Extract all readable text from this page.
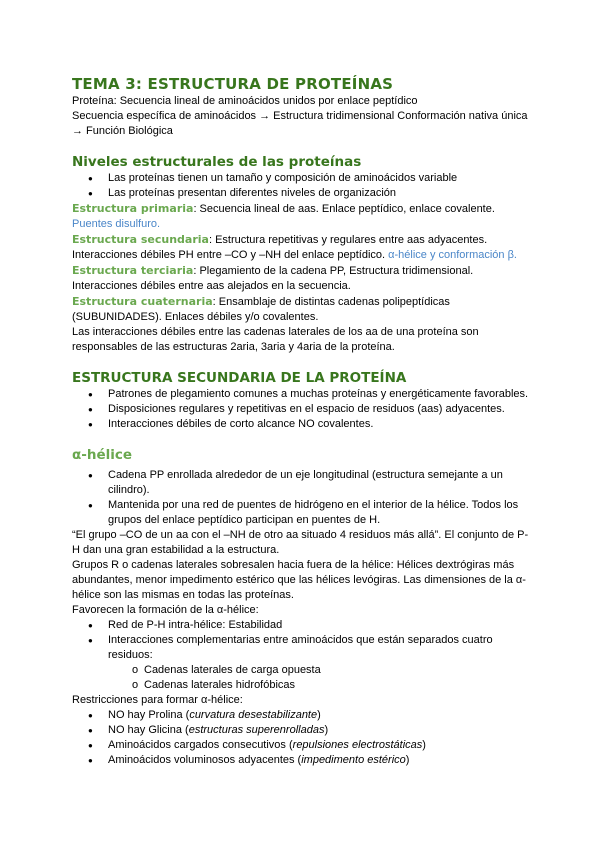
TEMA 3: ESTRUCTURA DE PROTEÍNAS

Proteína: Secuencia lineal de aminoácidos unidos por enlace peptídico

Secuencia específica de aminoácidos → Estructura tridimensional Conformación nativa única → Función Biológica

Niveles estructurales de las proteínas
● Las proteínas tienen un tamaño y composición de aminoácidos variable
● Las proteínas presentan diferentes niveles de organización

Estructura primaria: Secuencia lineal de aas. Enlace peptídico, enlace covalente.
Puentes disulfuro.

Estructura secundaria: Estructura repetitivas y regulares entre aas adyacentes.
Interacciones débiles PH entre –CO y –NH del enlace peptídico. α-hélice y conformación β.

Estructura terciaria: Plegamiento de la cadena PP, Estructura tridimensional. Interacciones débiles entre aas alejados en la secuencia.

Estructura cuaternaria: Ensamblaje de distintas cadenas polipeptídicas (SUBUNIDADES). Enlaces débiles y/o covalentes.

Las interacciones débiles entre las cadenas laterales de los aa de una proteína son responsables de las estructuras 2aria, 3aria y 4aria de la proteína.

ESTRUCTURA SECUNDARIA DE LA PROTEÍNA
● Patrones de plegamiento comunes a muchas proteínas y energéticamente favorables.
● Disposiciones regulares y repetitivas en el espacio de residuos (aas) adyacentes.
● Interacciones débiles de corto alcance NO covalentes.
α-hélice
● Cadena PP enrollada alrededor de un eje longitudinal (estructura semejante a un cilindro).
● Mantenida por una red de puentes de hidrógeno en el interior de la hélice. Todos los grupos del enlace peptídico participan en puentes de H.

“El grupo –CO de un aa con el –NH de otro aa situado 4 residuos más allá”. El conjunto de P-H dan una gran estabilidad a la estructura.

Grupos R o cadenas laterales sobresalen hacia fuera de la hélice: Hélices dextrógiras más abundantes, menor impedimento estérico que las hélices levógiras. Las dimensiones de la α-hélice son las mismas en todas las proteínas.

Favorecen la formación de la α-hélice:

● Red de P-H intra-hélice: Estabilidad
● Interacciones complementarias entre aminoácidos que están separados cuatro residuos:
o Cadenas laterales de carga opuesta
o Cadenas laterales hidrofóbicas

Restricciones para formar α-hélice:

● NO hay Prolina (curvatura desestabilizante)
● NO hay Glicina (estructuras superenrolladas)
● Aminoácidos cargados consecutivos (repulsiones electrostáticas)
● Aminoácidos voluminosos adyacentes (impedimento estérico)
